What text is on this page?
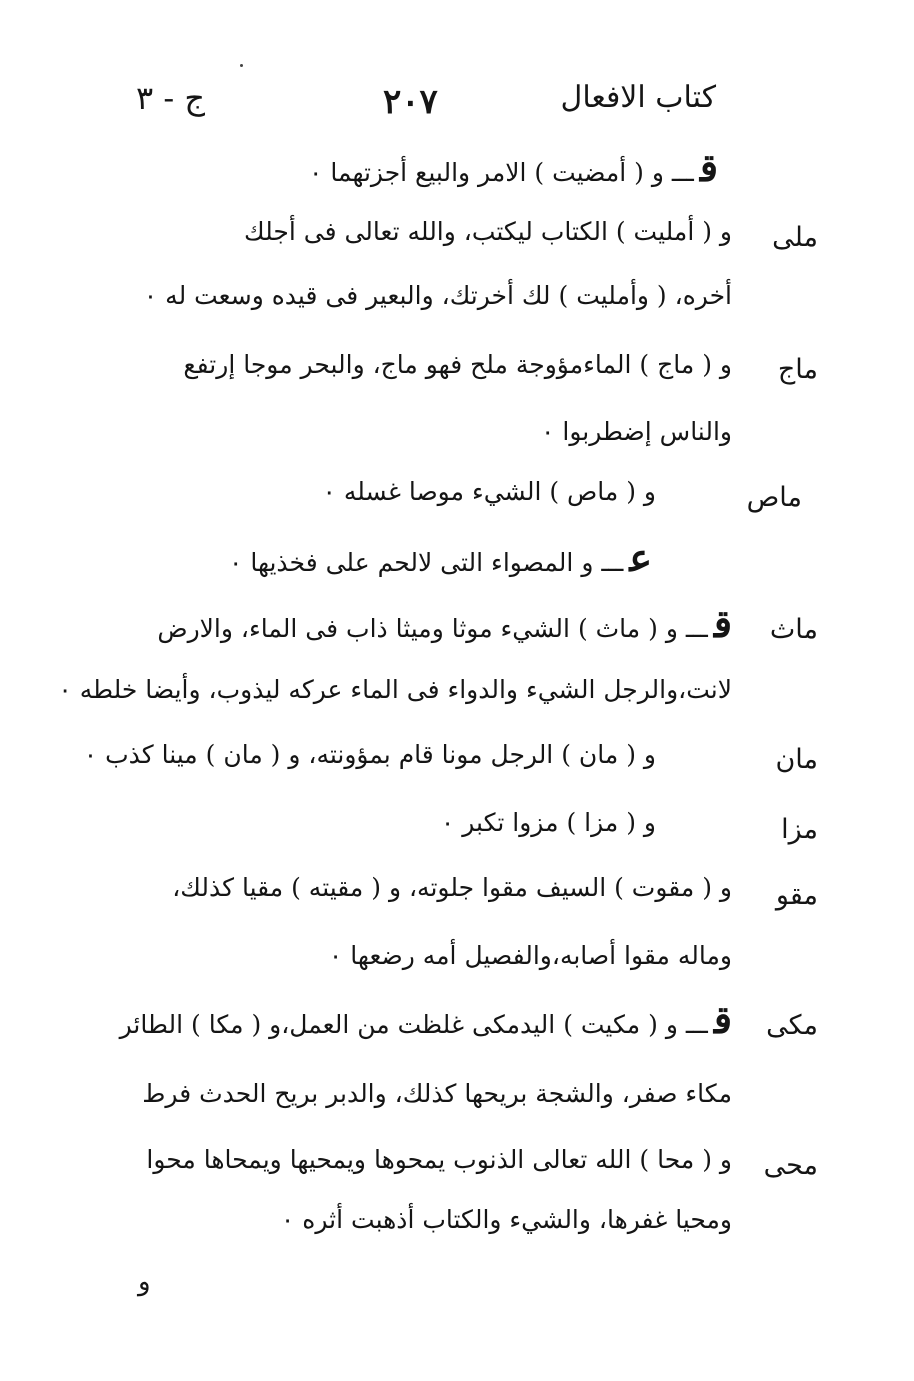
كتاب الافعال
٢٠٧
ج - ٣
قـــ و ( أمضيت ) الامر والبيع أجزتهما ٠
ملى
و ( أمليت ) الكتاب ليكتب، والله تعالى فى أجلك
أخره، ( وأمليت ) لك أخرتك، والبعير فى قيده وسعت له ٠
ماج
و ( ماج ) الماءمؤوجة ملح فهو ماج، والبحر موجا إرتفع
والناس إضطربوا ٠
ماص
و ( ماص ) الشيء موصا غسله ٠
عـــ و المصواء التى لالحم على فخذيها ٠
ماث
قـــ و ( ماث ) الشيء موثا وميثا ذاب فى الماء، والارض
لانت،والرجل الشيء والدواء فى الماء عركه ليذوب، وأيضا خلطه ٠
مان
و ( مان ) الرجل مونا قام بمؤونته، و ( مان ) مينا كذب ٠
مزا
و ( مزا ) مزوا تكبر ٠
مقو
و ( مقوت ) السيف مقوا جلوته، و ( مقيته ) مقيا كذلك،
وماله مقوا أصابه،والفصيل أمه رضعها ٠
مكى
قـــ و ( مكيت ) اليدمكى غلظت من العمل،و ( مكا ) الطائر
مكاء صفر، والشجة بريحها كذلك، والدبر بريح الحدث فرط
محى
و ( محا ) الله تعالى الذنوب يمحوها ويمحيها ويمحاها محوا
ومحيا غفرها، والشيء والكتاب أذهبت أثره ٠
و
